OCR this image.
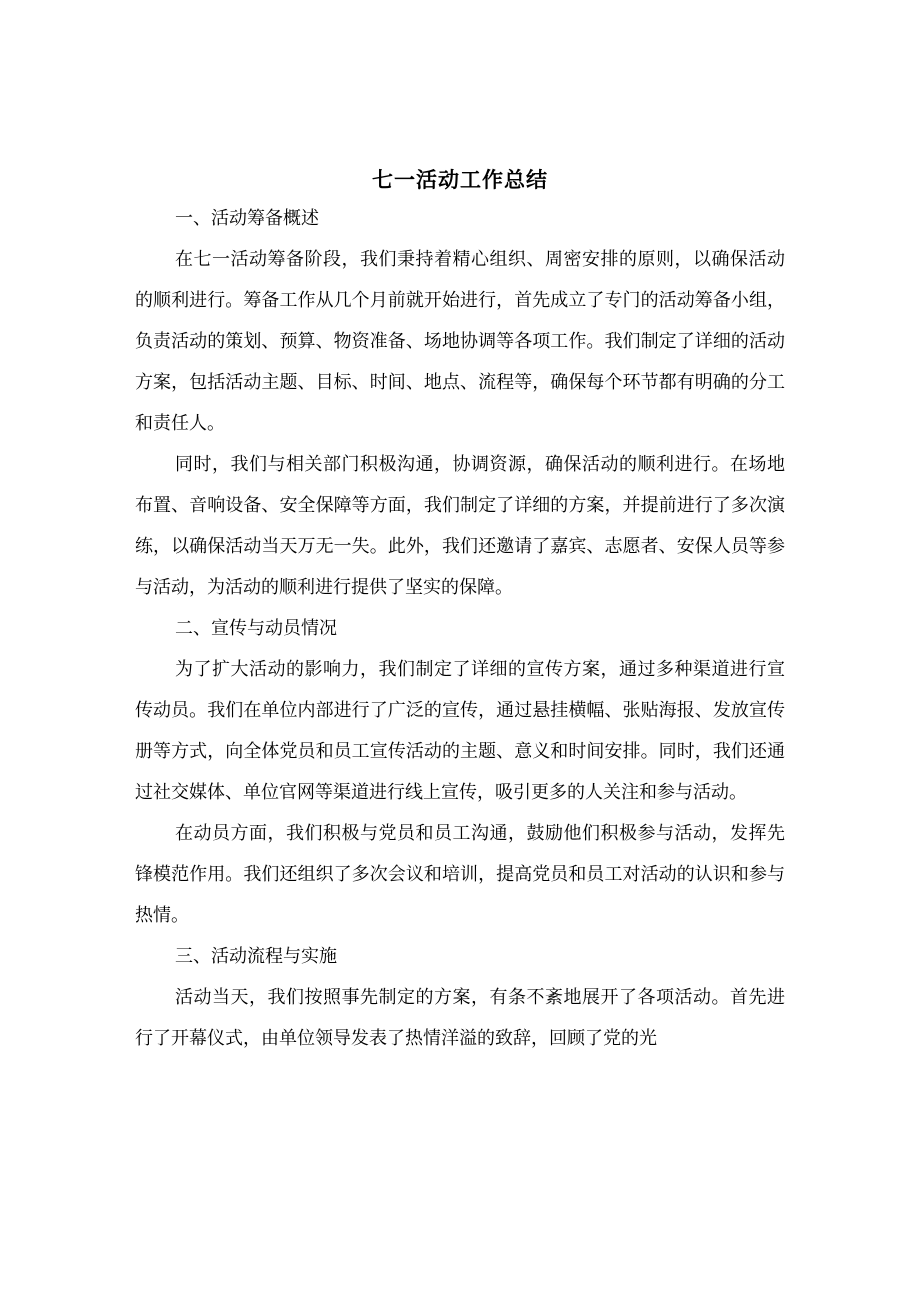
七一活动工作总结

一、活动筹备概述

在七一活动筹备阶段，我们秉持着精心组织、周密安排的原则，以确保活动的顺利进行。筹备工作从几个月前就开始进行，首先成立了专门的活动筹备小组，负责活动的策划、预算、物资准备、场地协调等各项工作。我们制定了详细的活动方案，包括活动主题、目标、时间、地点、流程等，确保每个环节都有明确的分工和责任人。

同时，我们与相关部门积极沟通，协调资源，确保活动的顺利进行。在场地布置、音响设备、安全保障等方面，我们制定了详细的方案，并提前进行了多次演练，以确保活动当天万无一失。此外，我们还邀请了嘉宾、志愿者、安保人员等参与活动，为活动的顺利进行提供了坚实的保障。

二、宣传与动员情况

为了扩大活动的影响力，我们制定了详细的宣传方案，通过多种渠道进行宣传动员。我们在单位内部进行了广泛的宣传，通过悬挂横幅、张贴海报、发放宣传册等方式，向全体党员和员工宣传活动的主题、意义和时间安排。同时，我们还通过社交媒体、单位官网等渠道进行线上宣传，吸引更多的人关注和参与活动。

在动员方面，我们积极与党员和员工沟通，鼓励他们积极参与活动，发挥先锋模范作用。我们还组织了多次会议和培训，提高党员和员工对活动的认识和参与热情。

三、活动流程与实施

活动当天，我们按照事先制定的方案，有条不紊地展开了各项活动。首先进行了开幕仪式，由单位领导发表了热情洋溢的致辞，回顾了党的光
